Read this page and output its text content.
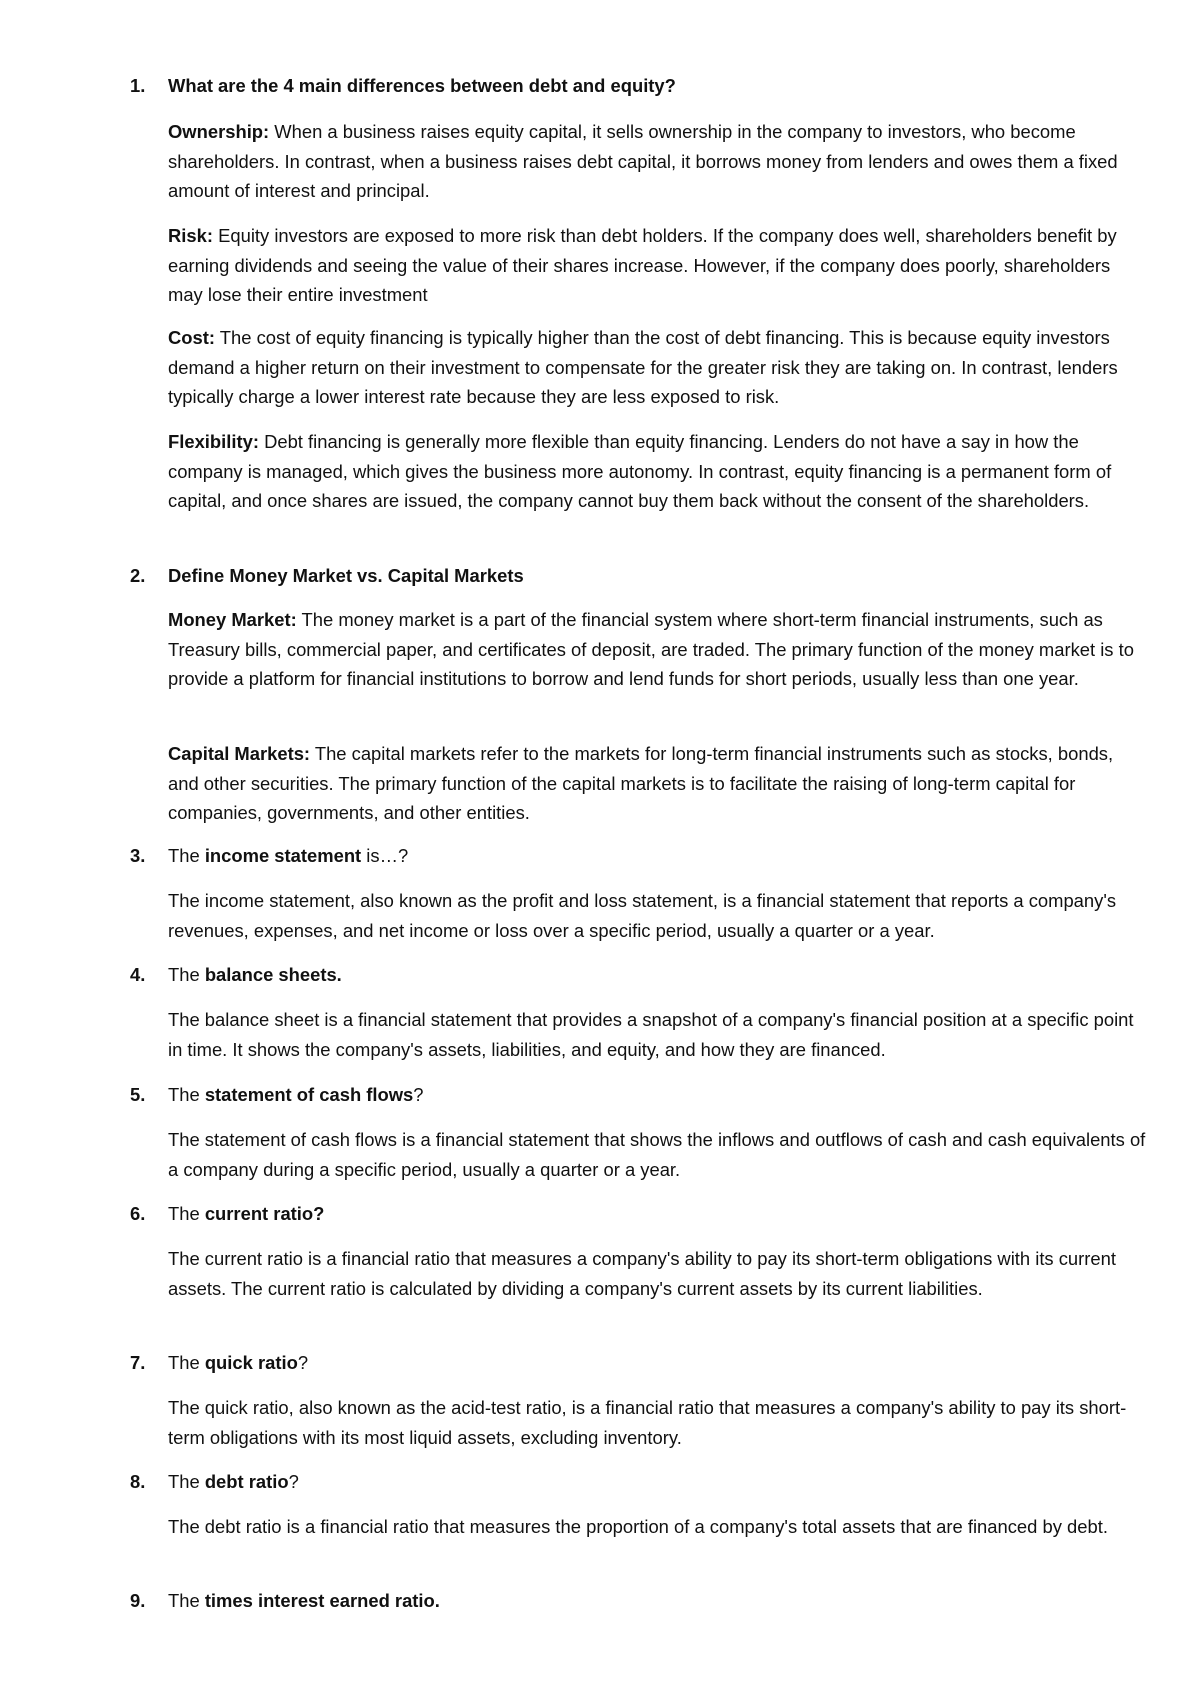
1. What are the 4 main differences between debt and equity?
Ownership: When a business raises equity capital, it sells ownership in the company to investors, who become shareholders. In contrast, when a business raises debt capital, it borrows money from lenders and owes them a fixed amount of interest and principal.
Risk: Equity investors are exposed to more risk than debt holders. If the company does well, shareholders benefit by earning dividends and seeing the value of their shares increase. However, if the company does poorly, shareholders may lose their entire investment
Cost: The cost of equity financing is typically higher than the cost of debt financing. This is because equity investors demand a higher return on their investment to compensate for the greater risk they are taking on. In contrast, lenders typically charge a lower interest rate because they are less exposed to risk.
Flexibility: Debt financing is generally more flexible than equity financing. Lenders do not have a say in how the company is managed, which gives the business more autonomy. In contrast, equity financing is a permanent form of capital, and once shares are issued, the company cannot buy them back without the consent of the shareholders.
2. Define Money Market vs. Capital Markets
Money Market: The money market is a part of the financial system where short-term financial instruments, such as Treasury bills, commercial paper, and certificates of deposit, are traded. The primary function of the money market is to provide a platform for financial institutions to borrow and lend funds for short periods, usually less than one year.
Capital Markets: The capital markets refer to the markets for long-term financial instruments such as stocks, bonds, and other securities. The primary function of the capital markets is to facilitate the raising of long-term capital for companies, governments, and other entities.
3. The income statement is…?
The income statement, also known as the profit and loss statement, is a financial statement that reports a company's revenues, expenses, and net income or loss over a specific period, usually a quarter or a year.
4. The balance sheets.
The balance sheet is a financial statement that provides a snapshot of a company's financial position at a specific point in time. It shows the company's assets, liabilities, and equity, and how they are financed.
5. The statement of cash flows?
The statement of cash flows is a financial statement that shows the inflows and outflows of cash and cash equivalents of a company during a specific period, usually a quarter or a year.
6. The current ratio?
The current ratio is a financial ratio that measures a company's ability to pay its short-term obligations with its current assets. The current ratio is calculated by dividing a company's current assets by its current liabilities.
7. The quick ratio?
The quick ratio, also known as the acid-test ratio, is a financial ratio that measures a company's ability to pay its short-term obligations with its most liquid assets, excluding inventory.
8. The debt ratio?
The debt ratio is a financial ratio that measures the proportion of a company's total assets that are financed by debt.
9. The times interest earned ratio.
